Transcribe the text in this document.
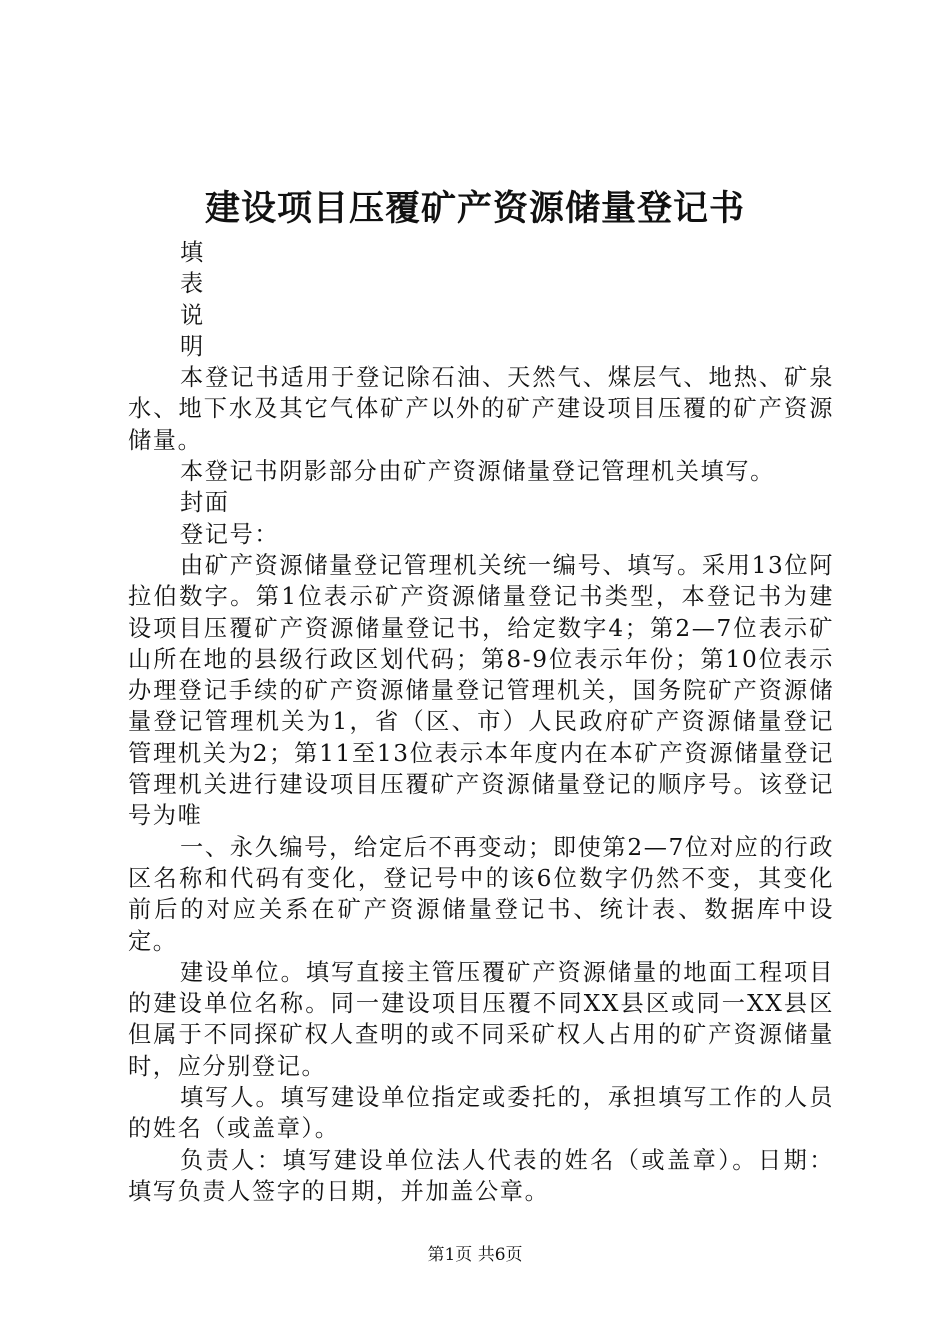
建设项目压覆矿产资源储量登记书
填
表
说
明

本登记书适用于登记除石油、天然气、煤层气、地热、矿泉水、地下水及其它气体矿产以外的矿产建设项目压覆的矿产资源储量。

本登记书阴影部分由矿产资源储量登记管理机关填写。

封面

登记号：

由矿产资源储量登记管理机关统一编号、填写。采用13位阿拉伯数字。第1位表示矿产资源储量登记书类型，本登记书为建设项目压覆矿产资源储量登记书，给定数字4；第2—7位表示矿山所在地的县级行政区划代码；第8-9位表示年份；第10位表示办理登记手续的矿产资源储量登记管理机关，国务院矿产资源储量登记管理机关为1，省（区、市）人民政府矿产资源储量登记管理机关为2；第11至13位表示本年度内在本矿产资源储量登记管理机关进行建设项目压覆矿产资源储量登记的顺序号。该登记号为唯

一、永久编号，给定后不再变动；即使第2—7位对应的行政区名称和代码有变化，登记号中的该6位数字仍然不变，其变化前后的对应关系在矿产资源储量登记书、统计表、数据库中设定。

建设单位。填写直接主管压覆矿产资源储量的地面工程项目的建设单位名称。同一建设项目压覆不同XX县区或同一XX县区但属于不同探矿权人查明的或不同采矿权人占用的矿产资源储量时，应分别登记。

填写人。填写建设单位指定或委托的，承担填写工作的人员的姓名（或盖章）。

负责人：填写建设单位法人代表的姓名（或盖章）。日期：填写负责人签字的日期，并加盖公章。

第1页 共6页
